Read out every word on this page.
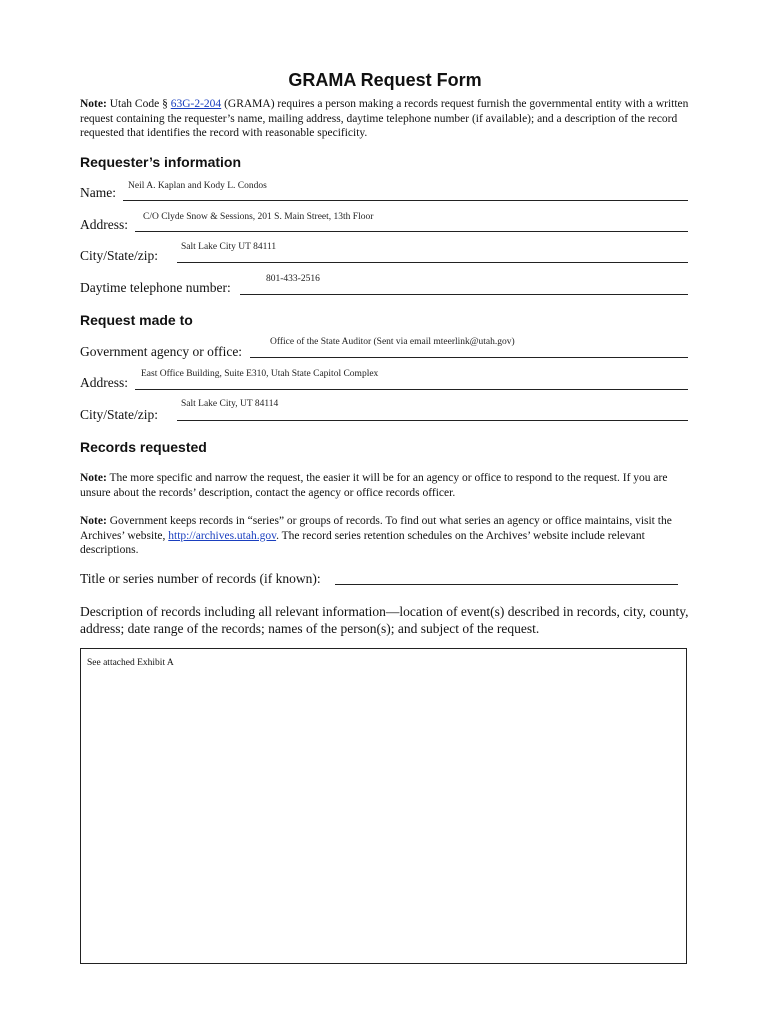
GRAMA Request Form
Note: Utah Code § 63G-2-204 (GRAMA) requires a person making a records request furnish the governmental entity with a written request containing the requester’s name, mailing address, daytime telephone number (if available); and a description of the record requested that identifies the record with reasonable specificity.
Requester’s information
Name: Neil A. Kaplan and Kody L. Condos
Address: C/O Clyde Snow & Sessions, 201 S. Main Street, 13th Floor
City/State/zip:
Salt Lake City UT 84111
Daytime telephone number:
801-433-2516
Request made to
Government agency or office:
Office of the State Auditor (Sent via email mteerlink@utah.gov)
Address:
East Office Building, Suite E310, Utah State Capitol Complex
City/State/zip:
Salt Lake City, UT 84114
Records requested
Note: The more specific and narrow the request, the easier it will be for an agency or office to respond to the request. If you are unsure about the records’ description, contact the agency or office records officer.
Note: Government keeps records in “series” or groups of records. To find out what series an agency or office maintains, visit the Archives’ website, http://archives.utah.gov. The record series retention schedules on the Archives’ website include relevant descriptions.
Title or series number of records (if known):
Description of records including all relevant information—location of event(s) described in records, city, county, address; date range of the records; names of the person(s); and subject of the request.
See attached Exhibit A
